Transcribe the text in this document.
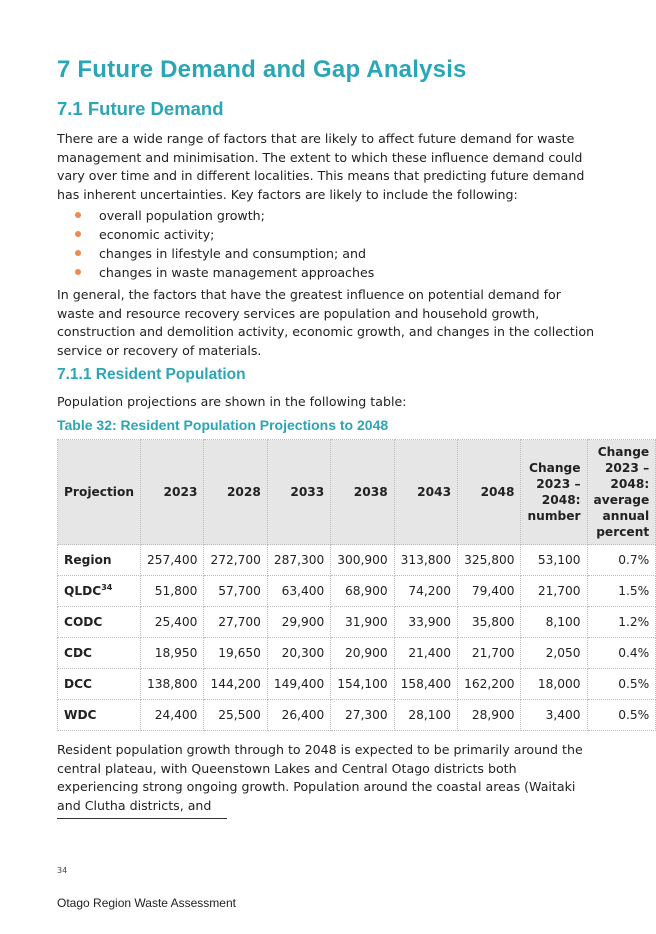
7 Future Demand and Gap Analysis
7.1 Future Demand

There are a wide range of factors that are likely to affect future demand for waste management and minimisation. The extent to which these influence demand could vary over time and in different localities. This means that predicting future demand has inherent uncertainties. Key factors are likely to include the following:

overall population growth;
economic activity;
changes in lifestyle and consumption; and
changes in waste management approaches

In general, the factors that have the greatest influence on potential demand for waste and resource recovery services are population and household growth, construction and demolition activity, economic growth, and changes in the collection service or recovery of materials.

7.1.1 Resident Population

Population projections are shown in the following table:

Table 32: Resident Population Projections to 2048

Projection	2023	2028	2033	2038	2043	2048	Change 2023 – 2048: number	Change 2023 – 2048: average annual percent
Region	257,400	272,700	287,300	300,900	313,800	325,800	53,100	0.7%
QLDC$^{34}$	51,800	57,700	63,400	68,900	74,200	79,400	21,700	1.5%
CODC	25,400	27,700	29,900	31,900	33,900	35,800	8,100	1.2%
CDC	18,950	19,650	20,300	20,900	21,400	21,700	2,050	0.4%
DCC	138,800	144,200	149,400	154,100	158,400	162,200	18,000	0.5%
WDC	24,400	25,500	26,400	27,300	28,100	28,900	3,400	0.5%

Resident population growth through to 2048 is expected to be primarily around the central plateau, with Queenstown Lakes and Central Otago districts both experiencing strong ongoing growth. Population around the coastal areas (Waitaki and Clutha districts, and

34
Otago Region Waste Assessment
